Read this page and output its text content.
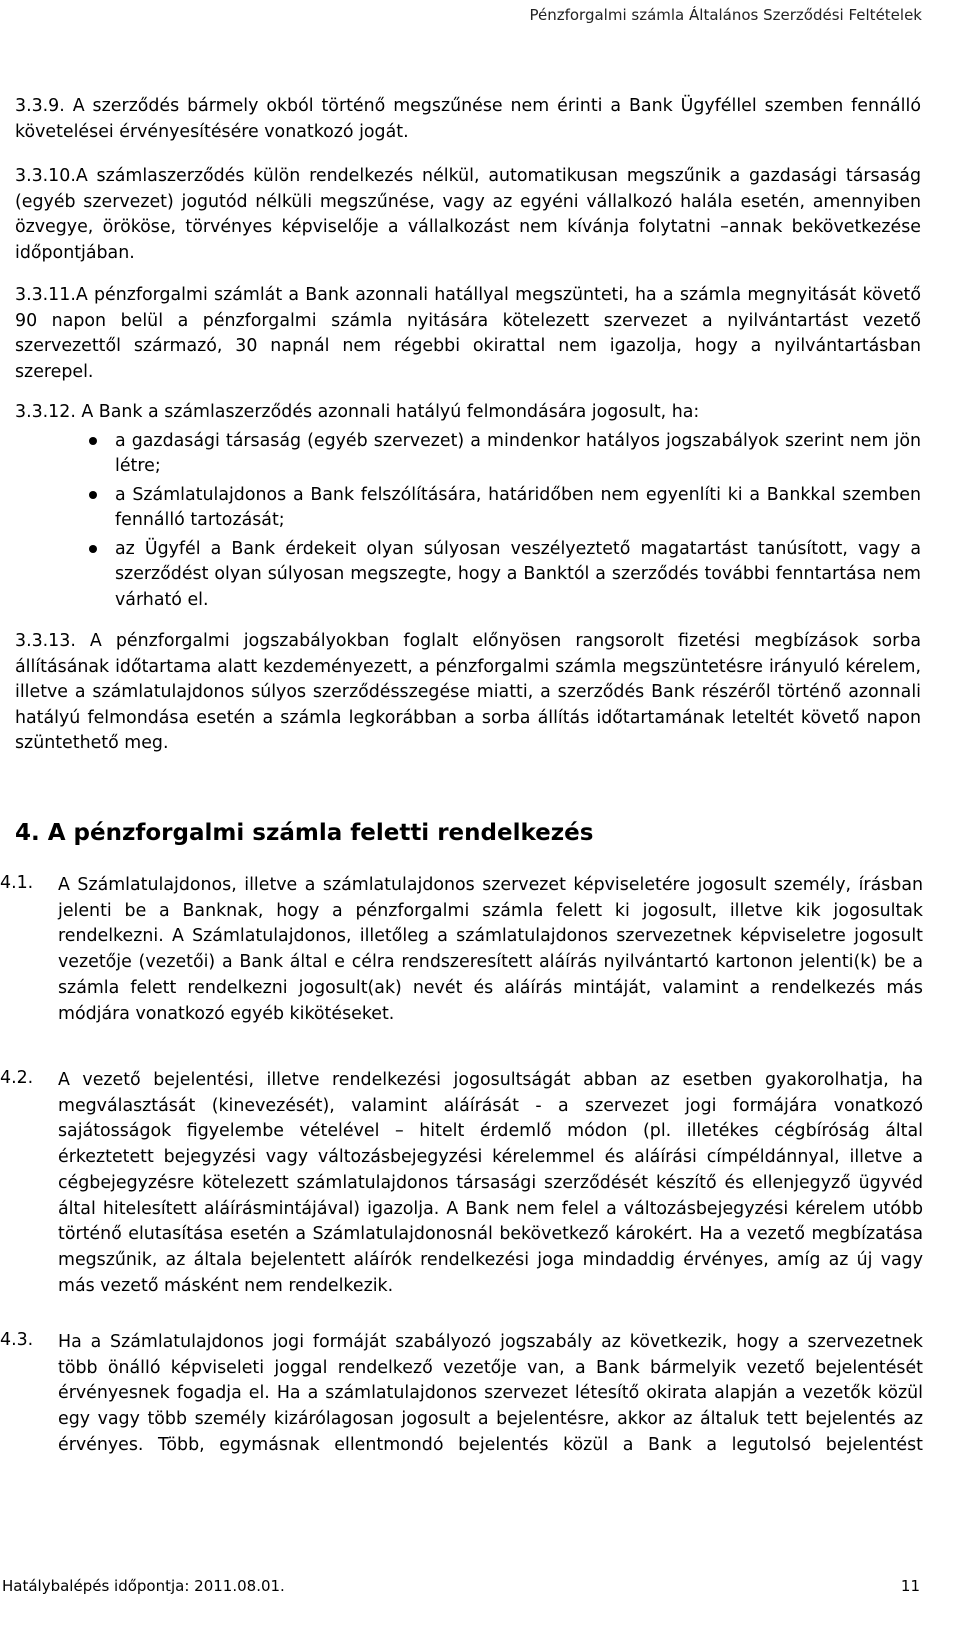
Pénzforgalmi számla Általános Szerződési Feltételek

3.3.9. A szerződés bármely okból történő megszűnése nem érinti a Bank Ügyféllel szemben fennálló követelései érvényesítésére vonatkozó jogát.

3.3.10.A számlaszerződés külön rendelkezés nélkül, automatikusan megszűnik a gazdasági társaság (egyéb szervezet) jogutód nélküli megszűnése, vagy az egyéni vállalkozó halála esetén, amennyiben özvegye, örököse, törvényes képviselője a vállalkozást nem kívánja folytatni –annak bekövetkezése időpontjában.

3.3.11.A pénzforgalmi számlát a Bank azonnali hatállyal megszünteti, ha a számla megnyitását követő 90 napon belül a pénzforgalmi számla nyitására kötelezett szervezet a nyilvántartást vezető szervezettől származó, 30 napnál nem régebbi okirattal nem igazolja, hogy a nyilvántartásban szerepel.

3.3.12. A Bank a számlaszerződés azonnali hatályú felmondására jogosult, ha:

a gazdasági társaság (egyéb szervezet) a mindenkor hatályos jogszabályok szerint nem jön létre;
a Számlatulajdonos a Bank felszólítására, határidőben nem egyenlíti ki a Bankkal szemben fennálló tartozását;
az Ügyfél a Bank érdekeit olyan súlyosan veszélyeztető magatartást tanúsított, vagy a szerződést olyan súlyosan megszegte, hogy a Banktól a szerződés további fenntartása nem várható el.

3.3.13. A pénzforgalmi jogszabályokban foglalt előnyösen rangsorolt fizetési megbízások sorba állításának időtartama alatt kezdeményezett, a pénzforgalmi számla megszüntetésre irányuló kérelem, illetve a számlatulajdonos súlyos szerződésszegése miatti, a szerződés Bank részéről történő azonnali hatályú felmondása esetén a számla legkorábban a sorba állítás időtartamának leteltét követő napon szüntethető meg.

4. A pénzforgalmi számla feletti rendelkezés
4.1. A Számlatulajdonos, illetve a számlatulajdonos szervezet képviseletére jogosult személy, írásban jelenti be a Banknak, hogy a pénzforgalmi számla felett ki jogosult, illetve kik jogosultak rendelkezni. A Számlatulajdonos, illetőleg a számlatulajdonos szervezetnek képviseletre jogosult vezetője (vezetői) a Bank által e célra rendszeresített aláírás nyilvántartó kartonon jelenti(k) be a számla felett rendelkezni jogosult(ak) nevét és aláírás mintáját, valamint a rendelkezés más módjára vonatkozó egyéb kikötéseket.

4.2. A vezető bejelentési, illetve rendelkezési jogosultságát abban az esetben gyakorolhatja, ha megválasztását (kinevezését), valamint aláírását - a szervezet jogi formájára vonatkozó sajátosságok figyelembe vételével – hitelt érdemlő módon (pl. illetékes cégbíróság által érkeztetett bejegyzési vagy változásbejegyzési kérelemmel és aláírási címpéldánnyal, illetve a cégbejegyzésre kötelezett számlatulajdonos társasági szerződését készítő és ellenjegyző ügyvéd által hitelesített aláírásmintájával) igazolja. A Bank nem felel a változásbejegyzési kérelem utóbb történő elutasítása esetén a Számlatulajdonosnál bekövetkező károkért. Ha a vezető megbízatása megszűnik, az általa bejelentett aláírók rendelkezési joga mindaddig érvényes, amíg az új vagy más vezető másként nem rendelkezik.

4.3. Ha a Számlatulajdonos jogi formáját szabályozó jogszabály az következik, hogy a szervezetnek több önálló képviseleti joggal rendelkező vezetője van, a Bank bármelyik vezető bejelentését érvényesnek fogadja el. Ha a számlatulajdonos szervezet létesítő okirata alapján a vezetők közül egy vagy több személy kizárólagosan jogosult a bejelentésre, akkor az általuk tett bejelentés az érvényes. Több, egymásnak ellentmondó bejelentés közül a Bank a legutolsó bejelentést

Hatálybalépés időpontja: 2011.08.01.	11
